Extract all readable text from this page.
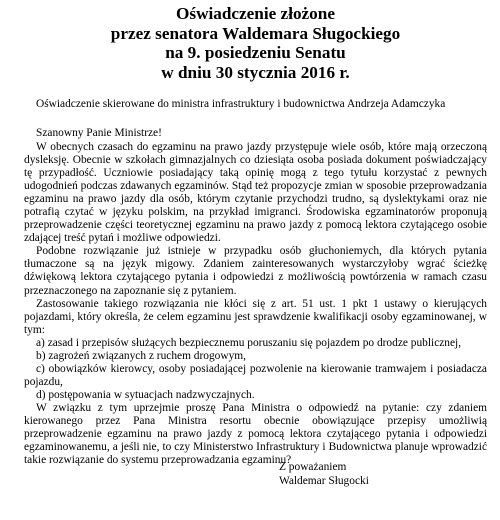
Oświadczenie złożone
przez senatora Waldemara Sługockiego
na 9. posiedzeniu Senatu
w dniu 30 stycznia 2016 r.
Oświadczenie skierowane do ministra infrastruktury i budownictwa Andrzeja Adamczyka
Szanowny Panie Ministrze!

W obecnych czasach do egzaminu na prawo jazdy przystępuje wiele osób, które mają orzeczoną dysleksję. Obecnie w szkołach gimnazjalnych co dziesiąta osoba posiada dokument poświadczający tę przypadłość. Uczniowie posiadający taką opinię mogą z tego tytułu korzystać z pewnych udogodnień podczas zdawanych egzaminów. Stąd też propozycje zmian w sposobie przeprowadzania egzaminu na prawo jazdy dla osób, którym czytanie przychodzi trudno, są dyslektykami oraz nie potrafią czytać w języku polskim, na przykład imigranci. Środowiska egzaminatorów proponują przeprowadzenie części teoretycznej egzaminu na prawo jazdy z pomocą lektora czytającego osobie zdającej treść pytań i możliwe odpowiedzi.

Podobne rozwiązanie już istnieje w przypadku osób głuchoniemych, dla których pytania tłumaczone są na język migowy. Zdaniem zainteresowanych wystarczyłoby wgrać ścieżkę dźwiękową lektora czytającego pytania i odpowiedzi z możliwością powtórzenia w ramach czasu przeznaczonego na zapoznanie się z pytaniem.

Zastosowanie takiego rozwiązania nie kłóci się z art. 51 ust. 1 pkt 1 ustawy o kierujących pojazdami, który określa, że celem egzaminu jest sprawdzenie kwalifikacji osoby egzaminowanej, w tym:

a) zasad i przepisów służących bezpiecznemu poruszaniu się pojazdem po drodze publicznej,

b) zagrożeń związanych z ruchem drogowym,

c) obowiązków kierowcy, osoby posiadającej pozwolenie na kierowanie tramwajem i posiadacza pojazdu,

d) postępowania w sytuacjach nadzwyczajnych.

W związku z tym uprzejmie proszę Pana Ministra o odpowiedź na pytanie: czy zdaniem kierowanego przez Pana Ministra resortu obecnie obowiązujące przepisy umożliwią przeprowadzenie egzaminu na prawo jazdy z pomocą lektora czytającego pytania i odpowiedzi egzaminowanemu, a jeśli nie, to czy Ministerstwo Infrastruktury i Budownictwa planuje wprowadzić takie rozwiązanie do systemu przeprowadzania egzaminu?

Z poważaniem
Waldemar Sługocki
